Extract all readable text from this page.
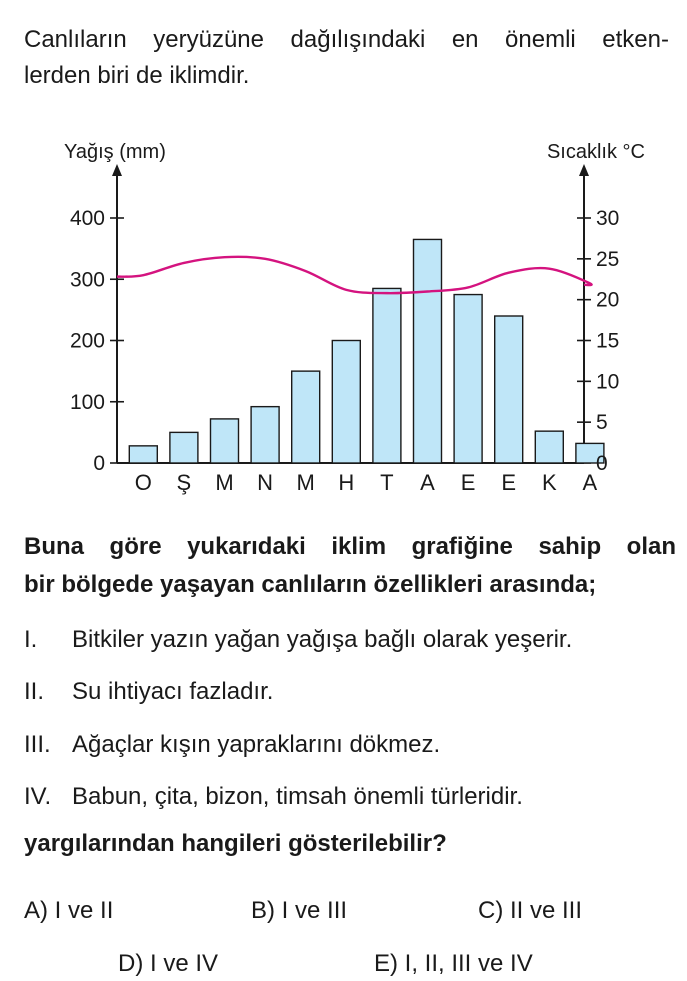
Canlıların yeryüzüne dağılışındaki en önemli etken-
lerden biri de iklimdir.
0
100
200
300
400
0
5
10
15
20
25
30
Yağış (mm)	Sıcaklık °C
O Ş M N M H T A E E K A
Buna göre yukarıdaki iklim grafiğine sahip olan
bir bölgede yaşayan canlıların özellikleri arasında;
I. Bitkiler yazın yağan yağışa bağlı olarak yeşerir.
II. Su ihtiyacı fazladır.
III. Ağaçlar kışın yapraklarını dökmez.
IV. Babun, çita, bizon, timsah önemli türleridir.
yargılarından hangileri gösterilebilir?
A) I ve II	B) I ve III	C) II ve III
D) I ve IV	E) I, II, III ve IV
